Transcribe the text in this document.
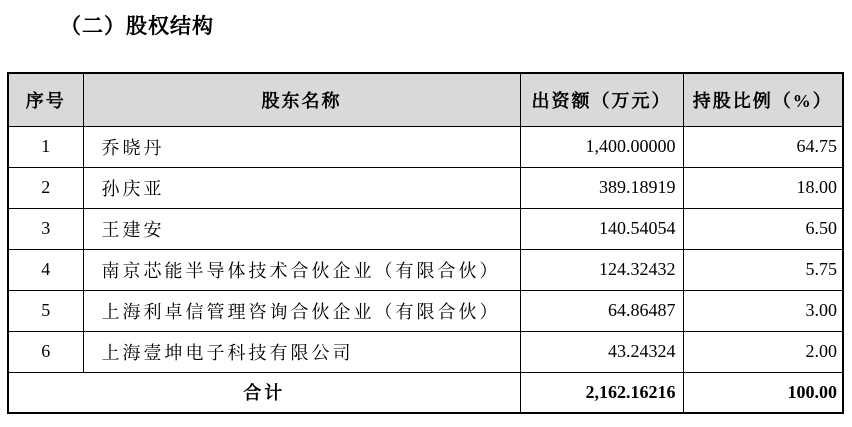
（二）股权结构
序号	股东名称	出资额（万元）	持股比例（%）
1	乔晓丹	1,400.00000	64.75
2	孙庆亚	389.18919	18.00
3	王建安	140.54054	6.50
4	南京芯能半导体技术合伙企业（有限合伙）	124.32432	5.75
5	上海利卓信管理咨询合伙企业（有限合伙）	64.86487	3.00
6	上海壹坤电子科技有限公司	43.24324	2.00
合计		2,162.16216	100.00
